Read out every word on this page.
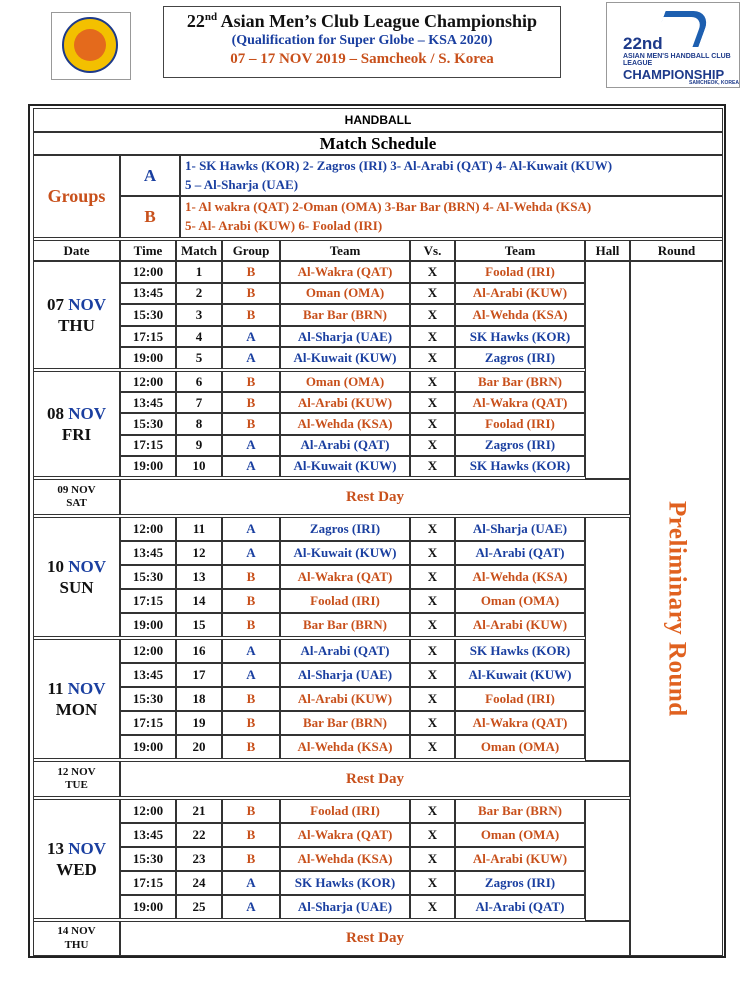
22nd Asian Men’s Club League Championship
(Qualification for Super Globe – KSA 2020)
07 – 17 NOV 2019 – Samcheok / S. Korea
22nd
ASIAN MEN'S HANDBALL CLUB LEAGUE
CHAMPIONSHIP
SAMCHEOK, KOREA
HANDBALL
Match Schedule
Groups
A	1- SK Hawks (KOR) 2- Zagros (IRI) 3- Al-Arabi (QAT) 4- Al-Kuwait (KUW)
5 – Al-Sharja (UAE)
B
1- Al wakra (QAT) 2-Oman (OMA) 3-Bar Bar (BRN) 4- Al-Wehda (KSA)
5- Al- Arabi (KUW) 6- Foolad (IRI)
Date	Time	Match	Group	Team	Vs.	Team	Hall	Round
07 NOV
THU
12:00	1	B	Al-Wakra (QAT)	X	Foolad (IRI)
13:45	2	B	Oman (OMA)	X	Al-Arabi (KUW)
15:30	3	B	Bar Bar (BRN)	X	Al-Wehda (KSA)
17:15	4	A	Al-Sharja (UAE)	X	SK Hawks (KOR)
19:00	5	A	Al-Kuwait (KUW)	X	Zagros (IRI)
08 NOV
FRI
12:00	6	B	Oman (OMA)	X	Bar Bar (BRN)
13:45	7	B	Al-Arabi (KUW)	X	Al-Wakra (QAT)
15:30	8	B	Al-Wehda (KSA)	X	Foolad (IRI)
17:15	9	A	Al-Arabi (QAT)	X	Zagros (IRI)
19:00	10	A	Al-Kuwait (KUW)	X	SK Hawks (KOR)
09 NOV
SAT	Rest Day
10 NOV
SUN
12:00	11	A	Zagros (IRI)	X	Al-Sharja (UAE)
13:45	12	A	Al-Kuwait (KUW)	X	Al-Arabi (QAT)
15:30	13	B	Al-Wakra (QAT)	X	Al-Wehda (KSA)
17:15	14	B	Foolad (IRI)	X	Oman (OMA)
19:00	15	B	Bar Bar (BRN)	X	Al-Arabi (KUW)
11 NOV
MON
12:00	16	A	Al-Arabi (QAT)	X	SK Hawks (KOR)
13:45	17	A	Al-Sharja (UAE)	X	Al-Kuwait (KUW)
15:30	18	B	Al-Arabi (KUW)	X	Foolad (IRI)
17:15	19	B	Bar Bar (BRN)	X	Al-Wakra (QAT)
19:00	20	B	Al-Wehda (KSA)	X	Oman (OMA)
12 NOV
TUE	Rest Day
13 NOV
WED
12:00	21	B	Foolad (IRI)	X	Bar Bar (BRN)
13:45	22	B	Al-Wakra (QAT)	X	Oman (OMA)
15:30	23	B	Al-Wehda (KSA)	X	Al-Arabi (KUW)
17:15	24	A	SK Hawks (KOR)	X	Zagros (IRI)
19:00	25	A	Al-Sharja (UAE)	X	Al-Arabi (QAT)
14 NOV
THU	Rest Day
Preliminary Round
